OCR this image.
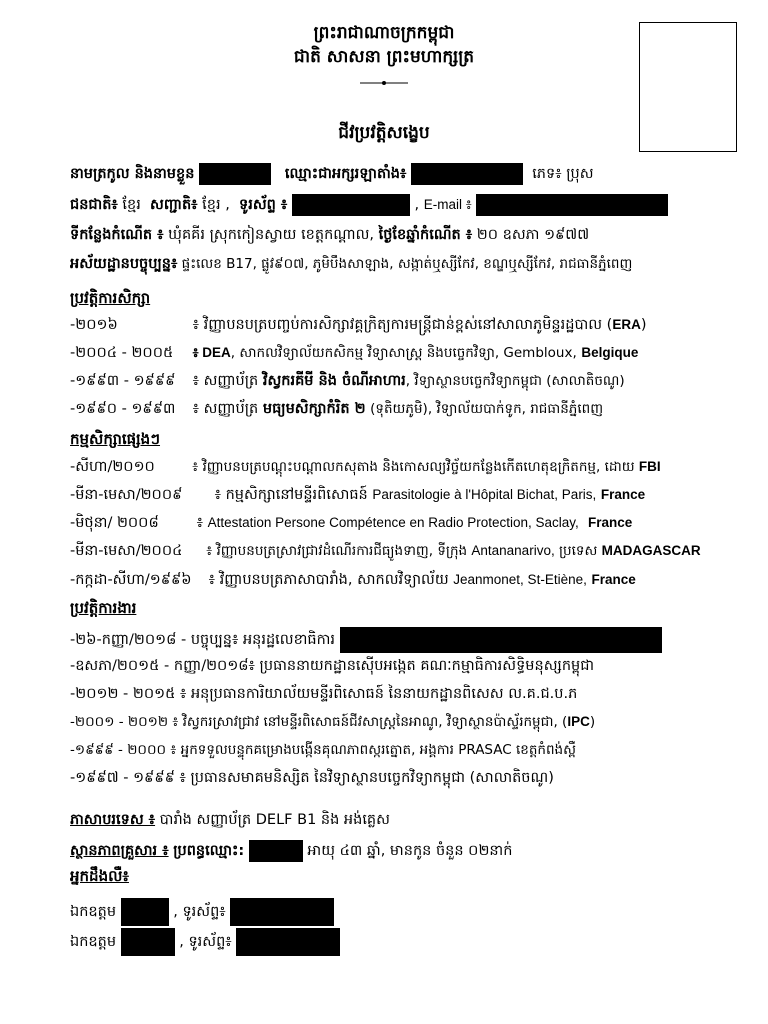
ព្រះរាជាណាចក្រកម្ពុជា
ជាតិ សាសនា ព្រះមហាក្សត្រ
ជីវប្រវត្តិសង្ខេប
នាមត្រកូល និងនាមខ្លួន	ឈ្មោះជាអក្សរឡាតាំង៖	ភេទ៖ ប្រុស
ជនជាតិ៖ ខ្មែរ សញ្ជាតិ៖ ខ្មែរ , ទូរស័ព្ទ ៖	, E-mail ៖
ទីកន្លែងកំណើត ៖ ឃុំគគីរ ស្រុកកៀនស្វាយ ខេត្តកណ្ដាល, ថ្ងៃខែឆ្នាំកំណើត ៖ ២០ ឧសភា ១៩៧៧
អស័យដ្ឋានបច្ចុប្បន្ន៖ ផ្ទះលេខ B17, ផ្លូវ៩០៧, ភូមិបឹងសាឡាង, សង្កាត់ឬស្សីកែវ, ខណ្ឌឬស្សីកែវ, រាជធានីភ្នំពេញ
ប្រវត្តិការសិក្សា
-២០១៦	៖ វិញ្ញាបនបត្របញ្ចប់ការសិក្សាវគ្គក្រិត្យការមន្ត្រីជាន់ខ្ពស់នៅសាលាភូមិន្ទរដ្ឋបាល (ERA)
-២០០៤ - ២០០៥ ៖ DEA, សាកលវិទ្យាល័យកសិកម្ម វិទ្យាសាស្ត្រ និងបច្ចេកវិទ្យា, Gembloux, Belgique
-១៩៩៣ - ១៩៩៩ ៖ សញ្ញាប័ត្រ វិស្វករគីមី និង ចំណីអាហារ, វិទ្យាស្ថានបច្ចេកវិទ្យាកម្ពុជា (សាលាតិចណូ)
-១៩៩០ - ១៩៩៣ ៖ សញ្ញាប័ត្រ មធ្យមសិក្សាកំរិត ២ (ទុតិយភូមិ), វិទ្យាល័យបាក់ទូក, រាជធានីភ្នំពេញ
កម្មសិក្សាផ្សេងៗ
-សីហា/២០១០	៖ វិញ្ញាបនបត្របណ្ដុះបណ្ដាលកសុតាង និងកោសល្យវិច្ច័យកន្លែងកើតហេតុឧក្រិតកម្ម, ដោយ FBI
-មីនា-មេសា/២០០៩ ៖ កម្មសិក្សានៅមន្ទីរពិសោធន៍ Parasitologie à l'Hôpital Bichat, Paris, France
-មិថុនា/ ២០០៨	៖ Attestation Persone Compétence en Radio Protection, Saclay, France
-មីនា-មេសា/២០០៤ ៖ វិញ្ញាបនបត្រស្រាវជ្រាវដំណើរការជីធ្យូងទាញ, ទីក្រុង Antananarivo, ប្រទេស MADAGASCAR
-កក្កដា-សីហា/១៩៩៦ ៖ វិញ្ញាបនបត្រភាសាបារាំង, សាកលវិទ្យាល័យ Jeanmonet, St-Etiène, France
ប្រវត្តិការងារ
-២៦-កញ្ញា/២០១៨ - បច្ចុប្បន្ន៖ អនុរដ្ឋលេខាធិការ
-ឧសភា/២០១៥ - កញ្ញា/២០១៨៖ ប្រធាននាយកដ្ឋានស៊ើបអង្កេត គណៈកម្មាធិការសិទ្ធិមនុស្សកម្ពុជា
-២០១២ - ២០១៥ ៖ អនុប្រធានការិយាល័យមន្ទីរពិសោធន៍ នៃនាយកដ្ឋានពិសេស ល.គ.ជ.ប.ភ
-២០០១ - ២០១២ ៖ វិស្វករស្រាវជ្រាវ នៅមន្ទីរពិសោធន៍ជីវសាស្ត្រនៃអាណូ, វិទ្យាស្ថានប៉ាស្ទ័រកម្ពុជា, (IPC)
-១៩៩៩ - ២០០០ ៖ អ្នកទទួលបន្ទុកគម្រោងបង្កើនគុណភាពស្ករត្នោត, អង្គការ PRASAC ខេត្តកំពង់ស្ពឺ
-១៩៩៧ - ១៩៩៩ ៖ ប្រធានសមាគមនិស្សិត នៃវិទ្យាស្ថានបច្ចេកវិទ្យាកម្ពុជា (សាលាតិចណូ)
ភាសាបរទេស ៖ បារាំង សញ្ញាប័ត្រ DELF B1 និង អង់គ្លេស
ស្ថានភាពគ្រួសារ ៖ ប្រពន្ធឈ្មោះ:	អាយុ ៤៣ ឆ្នាំ, មានកូន ចំនួន ០២នាក់
អ្នកដឹងលឺ៖
ឯកឧត្តម	, ទូរស័ព្ទ៖
ឯកឧត្តម	, ទូរស័ព្ទ៖
